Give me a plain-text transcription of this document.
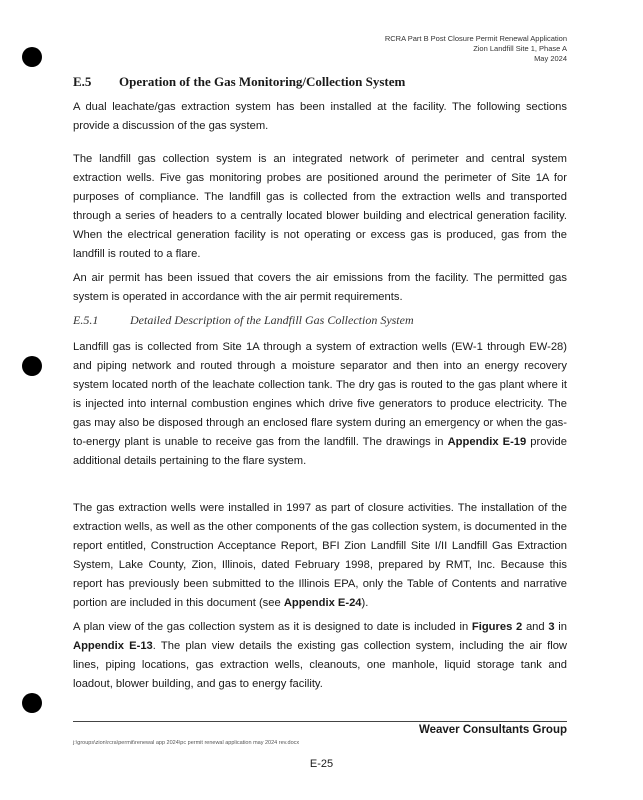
RCRA Part B Post Closure Permit Renewal Application
Zion Landfill Site 1, Phase A
May 2024
E.5 Operation of the Gas Monitoring/Collection System
A dual leachate/gas extraction system has been installed at the facility. The following sections provide a discussion of the gas system.
The landfill gas collection system is an integrated network of perimeter and central system extraction wells. Five gas monitoring probes are positioned around the perimeter of Site 1A for purposes of compliance. The landfill gas is collected from the extraction wells and transported through a series of headers to a centrally located blower building and electrical generation facility. When the electrical generation facility is not operating or excess gas is produced, gas from the landfill is routed to a flare.
An air permit has been issued that covers the air emissions from the facility. The permitted gas system is operated in accordance with the air permit requirements.
E.5.1	Detailed Description of the Landfill Gas Collection System
Landfill gas is collected from Site 1A through a system of extraction wells (EW-1 through EW-28) and piping network and routed through a moisture separator and then into an energy recovery system located north of the leachate collection tank. The dry gas is routed to the gas plant where it is injected into internal combustion engines which drive five generators to produce electricity. The gas may also be disposed through an enclosed flare system during an emergency or when the gas-to-energy plant is unable to receive gas from the landfill. The drawings in Appendix E-19 provide additional details pertaining to the flare system.
The gas extraction wells were installed in 1997 as part of closure activities. The installation of the extraction wells, as well as the other components of the gas collection system, is documented in the report entitled, Construction Acceptance Report, BFI Zion Landfill Site I/II Landfill Gas Extraction System, Lake County, Zion, Illinois, dated February 1998, prepared by RMT, Inc. Because this report has previously been submitted to the Illinois EPA, only the Table of Contents and narrative portion are included in this document (see Appendix E-24).
A plan view of the gas collection system as it is designed to date is included in Figures 2 and 3 in Appendix E-13. The plan view details the existing gas collection system, including the air flow lines, piping locations, gas extraction wells, cleanouts, one manhole, liquid storage tank and loadout, blower building, and gas to energy facility.
Weaver Consultants Group
j:\groups\zion\rcra\permit\renewal app 2024\pc permit renewal application may 2024 rev.docx
E-25
